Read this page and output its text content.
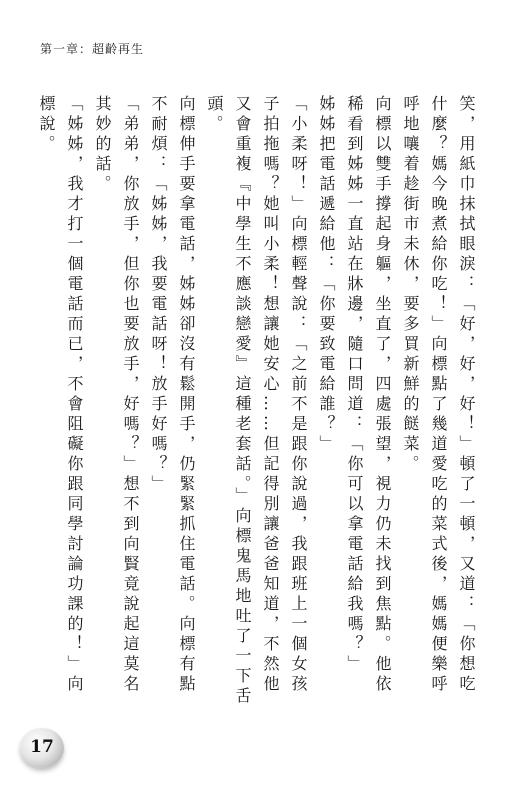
第一章：超齡再生

笑，用紙巾抹拭眼淚：「好，好，好！」頓了一頓，又道：「你想吃什麼？媽今晚煮給你吃！」向標點了幾道愛吃的菜式後，媽媽便樂呼呼地嚷着趁街市未休，要多買新鮮的餸菜。

向標以雙手撐起身軀，坐直了，四處張望，視力仍未找到焦點。他依稀看到姊姊一直站在牀邊，隨口問道：「你可以拿電話給我嗎？」

姊姊把電話遞給他：「你要致電給誰？」

「小柔呀！」向標輕聲說：「之前不是跟你說過，我跟班上一個女孩子拍拖嗎？她叫小柔！想讓她安心……但記得別讓爸爸知道，不然他又會重複『中學生不應談戀愛』這種老套話。」向標鬼馬地吐了一下舌頭。

向標伸手要拿電話，姊姊卻沒有鬆開手，仍緊緊抓住電話。向標有點不耐煩：「姊姊，我要電話呀！放手好嗎？」

「弟弟，你放手，但你也要放手，好嗎？」想不到向賢竟說起這莫名其妙的話。

「姊姊，我才打一個電話而已，不會阻礙你跟同學討論功課的！」向標說。

17
